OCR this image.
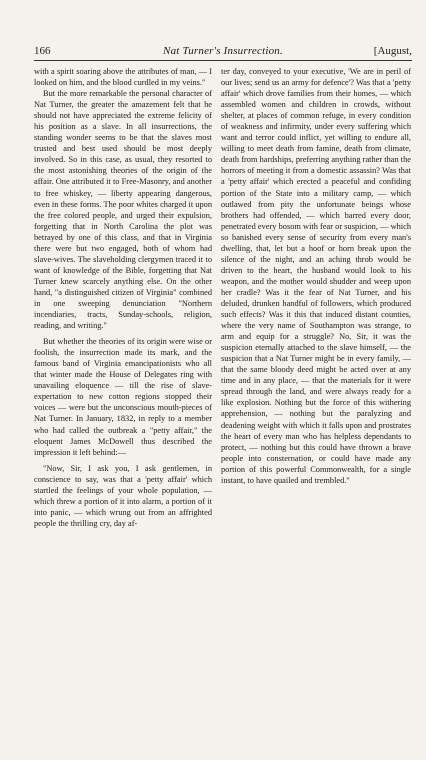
166	Nat Turner's Insurrection.	[August,

with a spirit soaring above the attributes of man, — I looked on him, and the blood curdled in my veins."

But the more remarkable the personal character of Nat Turner, the greater the amazement felt that he should not have appreciated the extreme felicity of his position as a slave. In all insurrections, the standing wonder seems to be that the slaves most trusted and best used should be most deeply involved. So in this case, as usual, they resorted to the most astonishing theories of the origin of the affair. One attributed it to Free-Masonry, and another to free whiskey, — liberty appearing dangerous, even in these forms. The poor whites charged it upon the free colored people, and urged their expulsion, forgetting that in North Carolina the plot was betrayed by one of this class, and that in Virginia there were but two engaged, both of whom had slave-wives. The slaveholding clergymen traced it to want of knowledge of the Bible, forgetting that Nat Turner knew scarcely anything else. On the other hand, "a distinguished citizen of Virginia" combined in one sweeping denunciation "Northern incendiaries, tracts, Sunday-schools, religion, reading, and writing."

But whether the theories of its origin were wise or foolish, the insurrection made its mark, and the famous band of Virginia emancipationists who all that winter made the House of Delegates ring with unavailing eloquence — till the rise of slave-expertation to new cotton regions stopped their voices — were but the unconscious mouth-pieces of Nat Turner. In January, 1832, in reply to a member who had called the outbreak a "petty affair," the eloquent James McDowell thus described the impression it left behind:—

"Now, Sir, I ask you, I ask gentlemen, in conscience to say, was that a 'petty affair' which startled the feelings of your whole population, — which threw a portion of it into alarm, a portion of it into panic, — which wrung out from an affrighted people the thrilling cry, day af-

ter day, conveyed to your executive, 'We are in peril of our lives; send us an army for defence'? Was that a 'petty affair' which drove families from their homes, — which assembled women and children in crowds, without shelter, at places of common refuge, in every condition of weakness and infirmity, under every suffering which want and terror could inflict, yet willing to endure all, willing to meet death from famine, death from climate, death from hardships, preferring anything rather than the horrors of meeting it from a domestic assassin? Was that a 'petty affair' which erected a peaceful and confiding portion of the State into a military camp, — which outlawed from pity the unfortunate beings whose brothers had offended, — which barred every door, penetrated every bosom with fear or suspicion, — which so banished every sense of security from every man's dwelling, that, let but a hoof or horn break upon the silence of the night, and an aching throb would be driven to the heart, the husband would look to his weapon, and the mother would shudder and weep upon her cradle? Was it the fear of Nat Turner, and his deluded, drunken handful of followers, which produced such effects? Was it this that induced distant counties, where the very name of Southampton was strange, to arm and equip for a struggle? No, Sir, it was the suspicion eternally attached to the slave himself, — the suspicion that a Nat Turner might be in every family, — that the same bloody deed might be acted over at any time and in any place, — that the materials for it were spread through the land, and were always ready for a like explosion. Nothing but the force of this withering apprehension, — nothing but the paralyzing and deadening weight with which it falls upon and prostrates the heart of every man who has helpless dependants to protect, — nothing but this could have thrown a brave people into consternation, or could have made any portion of this powerful Commonwealth, for a single instant, to have quailed and trembled."
